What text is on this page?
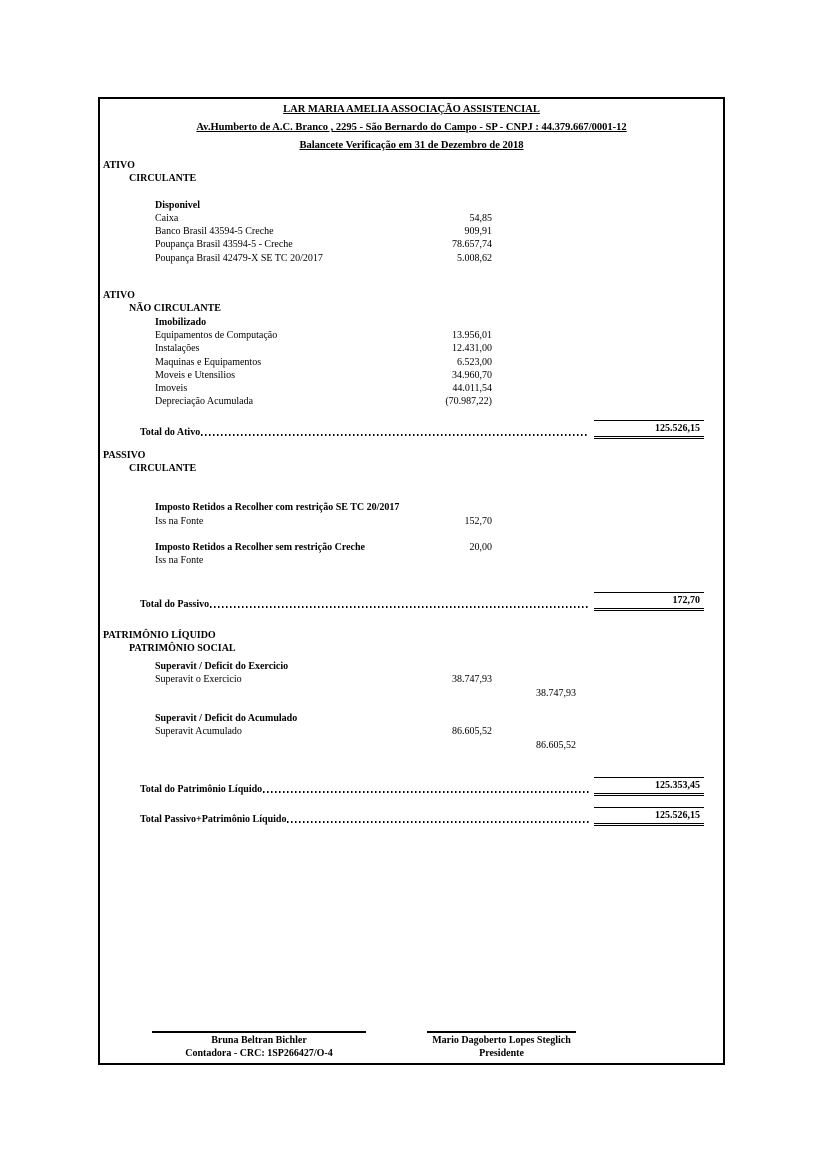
LAR MARIA AMELIA ASSOCIAÇÃO ASSISTENCIAL
Av.Humberto de A.C. Branco , 2295 - São Bernardo do Campo - SP - CNPJ : 44.379.667/0001-12
Balancete Verificação em 31 de Dezembro de 2018
ATIVO
CIRCULANTE
Disponivel
Caixa	54,85
Banco Brasil 43594-5 Creche	909,91
Poupança Brasil 43594-5 - Creche	78.657,74
Poupança Brasil 42479-X SE TC 20/2017	5.008,62
ATIVO
NÃO CIRCULANTE
Imobilizado
Equipamentos de Computação	13.956,01
Instalações	12.431,00
Maquinas e Equipamentos	6.523,00
Moveis e Utensilios	34.960,70
Imoveis	44.011,54
Depreciação Acumulada	(70.987,22)
Total do Ativo	125.526,15
PASSIVO
CIRCULANTE
Imposto Retidos a Recolher com restrição SE TC 20/2017
Iss na Fonte	152,70
Imposto Retidos a Recolher sem restrição Creche	20,00
Iss na Fonte
Total do Passivo	172,70
PATRIMÔNIO LÍQUIDO
PATRIMÔNIO SOCIAL
Superavit / Deficit do Exercicio
Superavit o Exercicio	38.747,93
38.747,93
Superavit / Deficit do Acumulado
Superavit Acumulado	86.605,52
86.605,52
Total do Patrimônio Líquido	125.353,45
Total Passivo+Patrimônio Líquido	125.526,15
Bruna Beltran Bichler
Contadora - CRC: 1SP266427/O-4
Mario Dagoberto Lopes Steglich
Presidente
